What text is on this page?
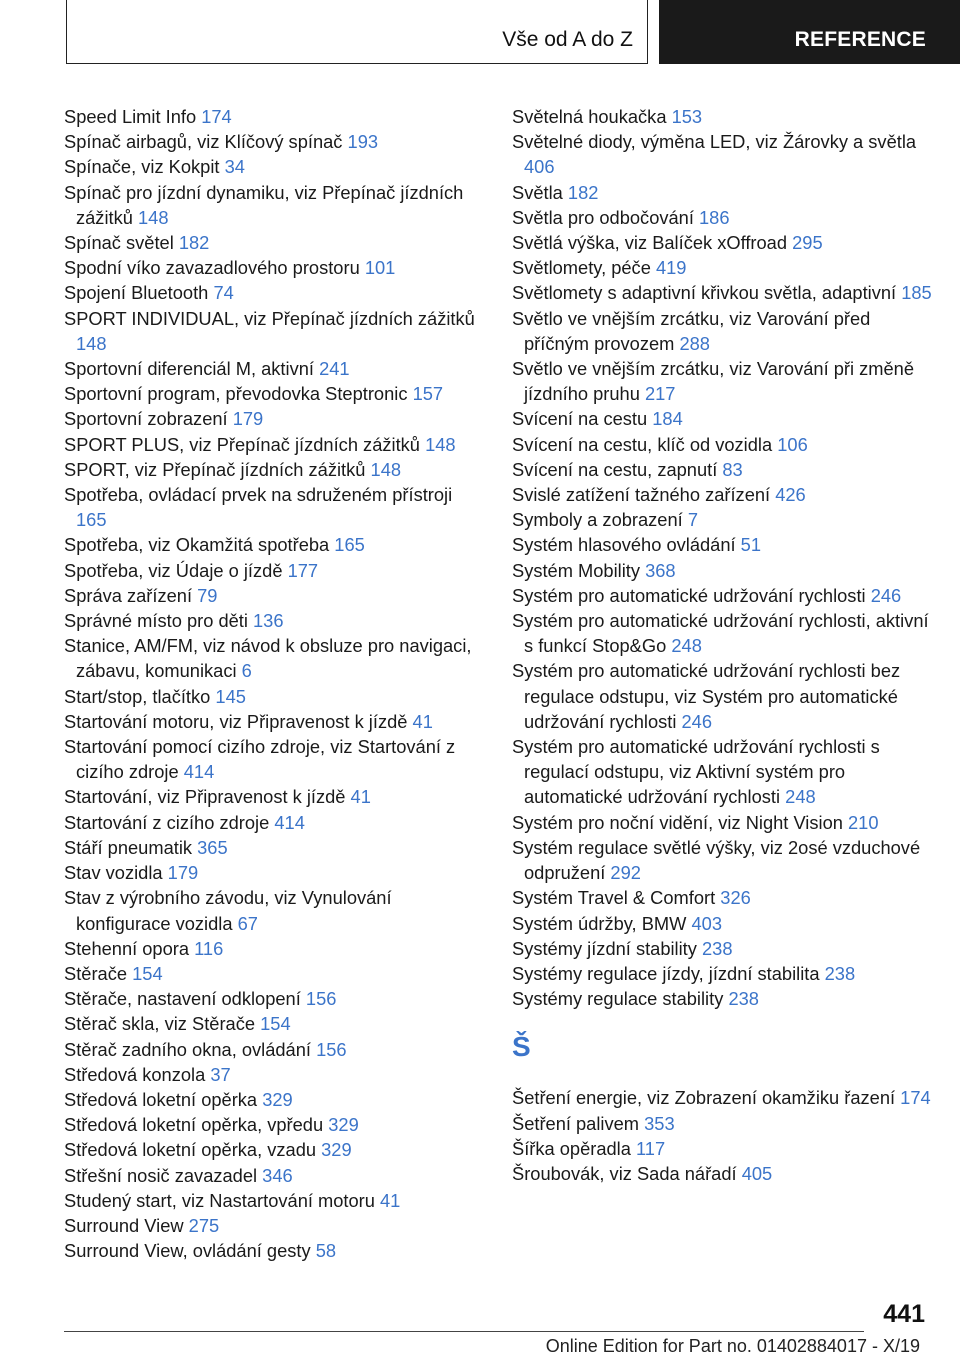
Vše od A do Z	REFERENCE
Speed Limit Info 174
Spínač airbagů, viz Klíčový spínač 193
Spínače, viz Kokpit 34
Spínač pro jízdní dynamiku, viz Přepínač jízdních zážitků 148
Spínač světel 182
Spodní víko zavazadlového prostoru 101
Spojení Bluetooth 74
SPORT INDIVIDUAL, viz Přepínač jízdních zážitků 148
Sportovní diferenciál M, aktivní 241
Sportovní program, převodovka Steptronic 157
Sportovní zobrazení 179
SPORT PLUS, viz Přepínač jízdních zážitků 148
SPORT, viz Přepínač jízdních zážitků 148
Spotřeba, ovládací prvek na sdruženém přístroji 165
Spotřeba, viz Okamžitá spotřeba 165
Spotřeba, viz Údaje o jízdě 177
Správa zařízení 79
Správné místo pro děti 136
Stanice, AM/FM, viz návod k obsluze pro navigaci, zábavu, komunikaci 6
Start/stop, tlačítko 145
Startování motoru, viz Připravenost k jízdě 41
Startování pomocí cizího zdroje, viz Startování z cizího zdroje 414
Startování, viz Připravenost k jízdě 41
Startování z cizího zdroje 414
Stáří pneumatik 365
Stav vozidla 179
Stav z výrobního závodu, viz Vynulování konfigurace vozidla 67
Stehenní opora 116
Stěrače 154
Stěrače, nastavení odklopení 156
Stěrač skla, viz Stěrače 154
Stěrač zadního okna, ovládání 156
Středová konzola 37
Středová loketní opěrka 329
Středová loketní opěrka, vpředu 329
Středová loketní opěrka, vzadu 329
Střešní nosič zavazadel 346
Studený start, viz Nastartování motoru 41
Surround View 275
Surround View, ovládání gesty 58
Světelná houkačka 153
Světelné diody, výměna LED, viz Žárovky a světla 406
Světla 182
Světla pro odbočování 186
Světlá výška, viz Balíček xOffroad 295
Světlomety, péče 419
Světlomety s adaptivní křivkou světla, adaptivní 185
Světlo ve vnějším zrcátku, viz Varování před příčným provozem 288
Světlo ve vnějším zrcátku, viz Varování při změně jízdního pruhu 217
Svícení na cestu 184
Svícení na cestu, klíč od vozidla 106
Svícení na cestu, zapnutí 83
Svislé zatížení tažného zařízení 426
Symboly a zobrazení 7
Systém hlasového ovládání 51
Systém Mobility 368
Systém pro automatické udržování rychlosti 246
Systém pro automatické udržování rychlosti, aktivní s funkcí Stop&Go 248
Systém pro automatické udržování rychlosti bez regulace odstupu, viz Systém pro automatické udržování rychlosti 246
Systém pro automatické udržování rychlosti s regulací odstupu, viz Aktivní systém pro automatické udržování rychlosti 248
Systém pro noční vidění, viz Night Vision 210
Systém regulace světlé výšky, viz 2osé vzduchové odpružení 292
Systém Travel & Comfort 326
Systém údržby, BMW 403
Systémy jízdní stability 238
Systémy regulace jízdy, jízdní stabilita 238
Systémy regulace stability 238
Š
Šetření energie, viz Zobrazení okamžiku řazení 174
Šetření palivem 353
Šířka opěradla 117
Šroubovák, viz Sada nářadí 405
441
Online Edition for Part no. 01402884017 - X/19
